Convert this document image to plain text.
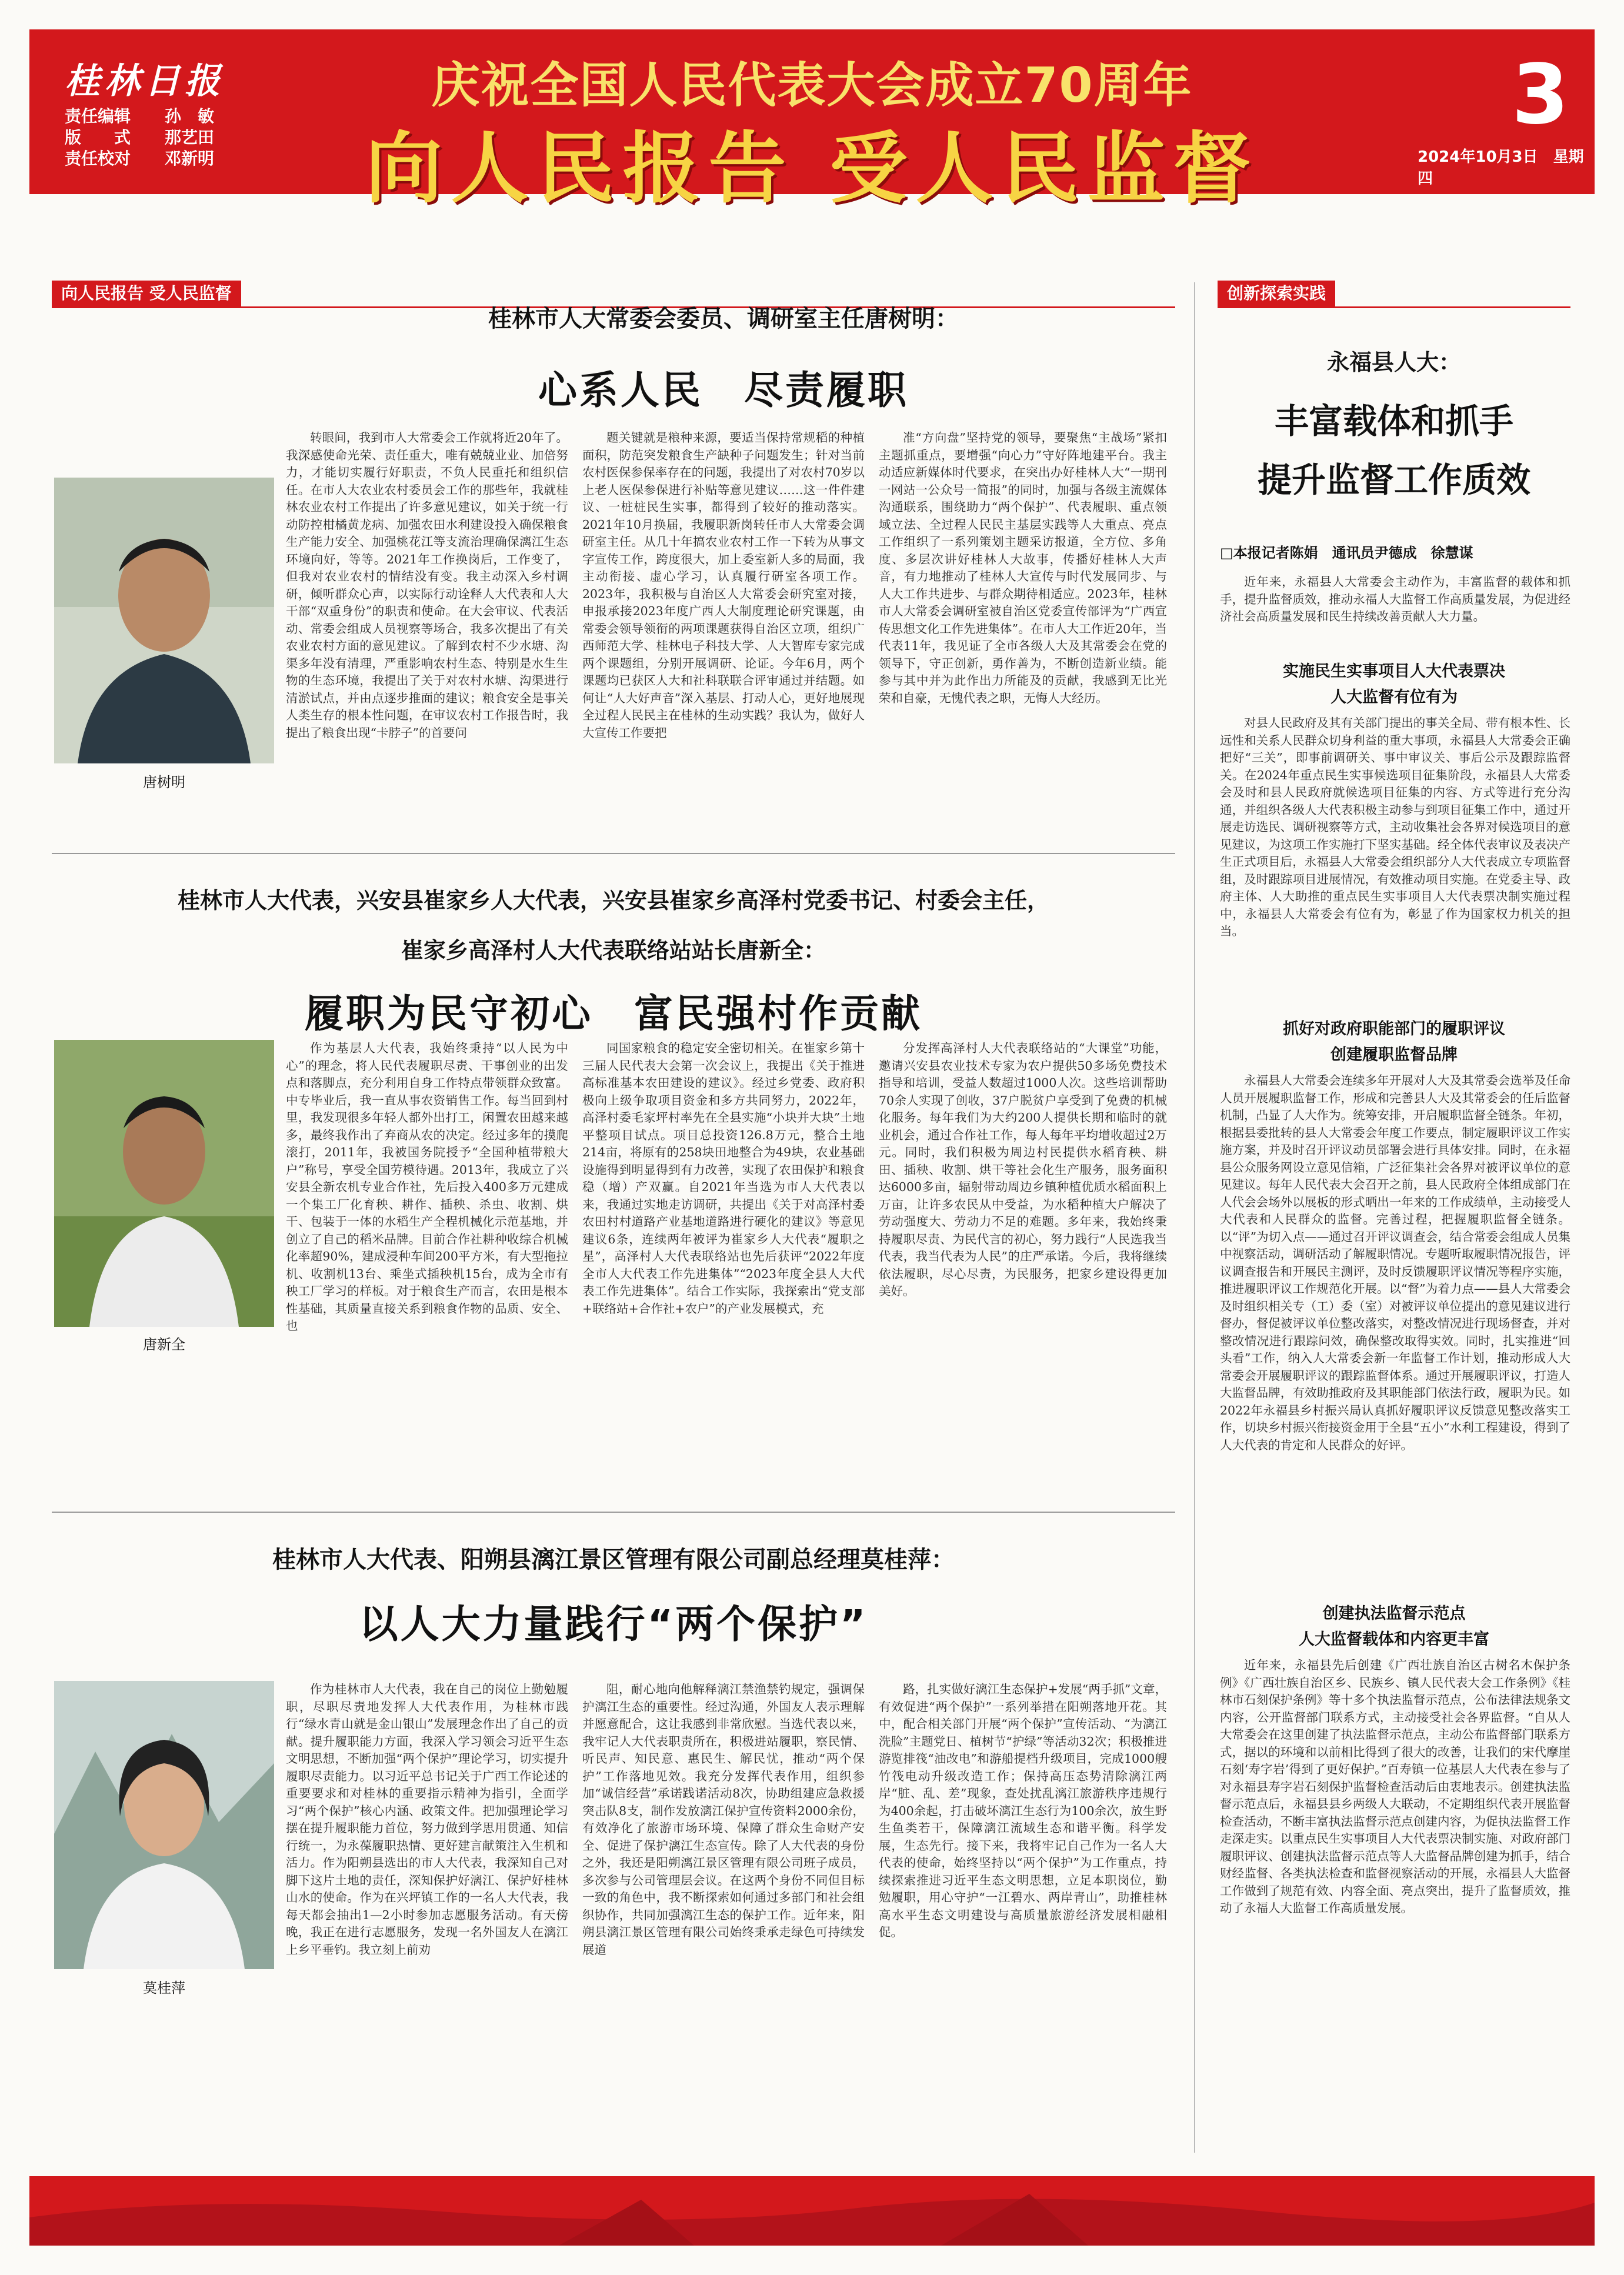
桂林日报
责任编辑 孙　敏
版　　式 那艺田
责任校对 邓新明
庆祝全国人民代表大会成立70周年
向人民报告 受人民监督
3
2024年10月3日　星期四
向人民报告 受人民监督	创新探索实践
桂林市人大常委会委员、调研室主任唐树明：
心系人民　尽责履职
唐树明

转眼间，我到市人大常委会工作就将近20年了。我深感使命光荣、责任重大，唯有兢兢业业、加倍努力，才能切实履行好职责，不负人民重托和组织信任。在市人大农业农村委员会工作的那些年，我就桂林农业农村工作提出了许多意见建议，如关于统一行动防控柑橘黄龙病、加强农田水利建设投入确保粮食生产能力安全、加强桃花江等支流治理确保漓江生态环境向好，等等。2021年工作换岗后，工作变了，但我对农业农村的情结没有变。我主动深入乡村调研，倾听群众心声，以实际行动诠释人大代表和人大干部“双重身份”的职责和使命。在大会审议、代表活动、常委会组成人员视察等场合，我多次提出了有关农业农村方面的意见建议。了解到农村不少水塘、沟渠多年没有清理，严重影响农村生态、特别是水生生物的生态环境，我提出了关于对农村水塘、沟渠进行清淤试点，并由点逐步推面的建议；粮食安全是事关人类生存的根本性问题，在审议农村工作报告时，我提出了粮食出现“卡脖子”的首要问

题关键就是粮种来源，要适当保持常规稻的种植面积，防范突发粮食生产缺种子问题发生；针对当前农村医保参保率存在的问题，我提出了对农村70岁以上老人医保参保进行补贴等意见建议……这一件件建议、一桩桩民生实事，都得到了较好的推动落实。2021年10月换届，我履职新岗转任市人大常委会调研室主任。从几十年搞农业农村工作一下转为从事文字宣传工作，跨度很大，加上委室新人多的局面，我主动衔接、虚心学习，认真履行研室各项工作。2023年，我积极与自治区人大常委会研究室对接，申报承接2023年度广西人大制度理论研究课题，由常委会领导领衔的两项课题获得自治区立项，组织广西师范大学、桂林电子科技大学、人大智库专家完成两个课题组，分别开展调研、论证。今年6月，两个课题均已获区人大和社科联联合评审通过并结题。如何让“人大好声音”深入基层、打动人心，更好地展现全过程人民民主在桂林的生动实践？我认为，做好人大宣传工作要把

准“方向盘”坚持党的领导，要聚焦“主战场”紧扣主题抓重点，要增强“向心力”守好阵地建平台。我主动适应新媒体时代要求，在突出办好桂林人大“一期刊一网站一公众号一简报”的同时，加强与各级主流媒体沟通联系，围绕助力“两个保护”、代表履职、重点领域立法、全过程人民民主基层实践等人大重点、亮点工作组织了一系列策划主题采访报道，全方位、多角度、多层次讲好桂林人大故事，传播好桂林人大声音，有力地推动了桂林人大宣传与时代发展同步、与人大工作共进步、与群众期待相适应。2023年，桂林市人大常委会调研室被自治区党委宣传部评为“广西宣传思想文化工作先进集体”。在市人大工作近20年，当代表11年，我见证了全市各级人大及其常委会在党的领导下，守正创新，勇作善为，不断创造新业绩。能参与其中并为此作出力所能及的贡献，我感到无比光荣和自豪，无愧代表之职，无悔人大经历。

桂林市人大代表，兴安县崔家乡人大代表，兴安县崔家乡高泽村党委书记、村委会主任，
崔家乡高泽村人大代表联络站站长唐新全：
履职为民守初心　富民强村作贡献
唐新全

作为基层人大代表，我始终秉持“以人民为中心”的理念，将人民代表履职尽责、干事创业的出发点和落脚点，充分利用自身工作特点带领群众致富。中专毕业后，我一直从事农资销售工作。每当回到村里，我发现很多年轻人都外出打工，闲置农田越来越多，最终我作出了弃商从农的决定。经过多年的摸爬滚打，2011年，我被国务院授予“全国种植带粮大户”称号，享受全国劳模待遇。2013年，我成立了兴安县全新农机专业合作社，先后投入400多万元建成一个集工厂化育秧、耕作、插秧、杀虫、收割、烘干、包装于一体的水稻生产全程机械化示范基地，并创立了自己的稻米品牌。目前合作社耕种收综合机械化率超90%，建成浸种车间200平方米，有大型拖拉机、收割机13台、乘坐式插秧机15台，成为全市有秧工厂学习的样板。对于粮食生产而言，农田是根本性基础，其质量直接关系到粮食作物的品质、安全、也

同国家粮食的稳定安全密切相关。在崔家乡第十三届人民代表大会第一次会议上，我提出《关于推进高标准基本农田建设的建议》。经过乡党委、政府积极向上级争取项目资金和多方共同努力，2022年，高泽村委毛家坪村率先在全县实施“小块并大块”土地平整项目试点。项目总投资126.8万元，整合土地214亩，将原有的258块田地整合为49块，农业基础设施得到明显得到有力改善，实现了农田保护和粮食稳（增）产双赢。自2021年当选为市人大代表以来，我通过实地走访调研，共提出《关于对高泽村委农田村村道路产业基地道路进行硬化的建议》等意见建议6条，连续两年被评为崔家乡人大代表“履职之星”，高泽村人大代表联络站也先后获评“2022年度全市人大代表工作先进集体”“2023年度全县人大代表工作先进集体”。结合工作实际，我探索出“党支部+联络站+合作社+农户”的产业发展模式，充

分发挥高泽村人大代表联络站的“大课堂”功能，邀请兴安县农业技术专家为农户提供50多场免费技术指导和培训，受益人数超过1000人次。这些培训帮助70余人实现了创收，37户脱贫户享受到了免费的机械化服务。每年我们为大约200人提供长期和临时的就业机会，通过合作社工作，每人每年平均增收超过2万元。同时，我们积极为周边村民提供水稻育秧、耕田、插秧、收割、烘干等社会化生产服务，服务面积达6000多亩，辐射带动周边乡镇种植优质水稻面积上万亩，让许多农民从中受益，为水稻种植大户解决了劳动强度大、劳动力不足的难题。多年来，我始终秉持履职尽责、为民代言的初心，努力践行“人民选我当代表，我当代表为人民”的庄严承诺。今后，我将继续依法履职，尽心尽责，为民服务，把家乡建设得更加美好。

桂林市人大代表、阳朔县漓江景区管理有限公司副总经理莫桂萍：
以人大力量践行“两个保护”
莫桂萍

作为桂林市人大代表，我在自己的岗位上勤勉履职，尽职尽责地发挥人大代表作用，为桂林市践行“绿水青山就是金山银山”发展理念作出了自己的贡献。提升履职能力方面，我深入学习领会习近平生态文明思想，不断加强“两个保护”理论学习，切实提升履职尽责能力。以习近平总书记关于广西工作论述的重要要求和对桂林的重要指示精神为指引，全面学习“两个保护”核心内涵、政策文件。把加强理论学习摆在提升履职能力首位，努力做到学思用贯通、知信行统一，为永葆履职热情、更好建言献策注入生机和活力。作为阳朔县选出的市人大代表，我深知自己对脚下这片土地的责任，深知保护好漓江、保护好桂林山水的使命。作为在兴坪镇工作的一名人大代表，我每天都会抽出1—2小时参加志愿服务活动。有天傍晚，我正在进行志愿服务，发现一名外国友人在漓江上乡平垂钓。我立刻上前劝

阻，耐心地向他解释漓江禁渔禁钓规定，强调保护漓江生态的重要性。经过沟通，外国友人表示理解并愿意配合，这让我感到非常欣慰。当选代表以来，我牢记人大代表职责所在，积极进站履职，察民情、听民声、知民意、惠民生、解民忧，推动“两个保护”工作落地见效。我充分发挥代表作用，组织参加“诚信经营”承诺践诺活动8次，协助组建应急救援突击队8支，制作发放漓江保护宣传资料2000余份，有效净化了旅游市场环境、保障了群众生命财产安全、促进了保护漓江生态宣传。除了人大代表的身份之外，我还是阳朔漓江景区管理有限公司班子成员，多次参与公司管理层会议。在这两个身份不同但目标一致的角色中，我不断探索如何通过多部门和社会组织协作，共同加强漓江生态的保护工作。近年来，阳朔县漓江景区管理有限公司始终秉承走绿色可持续发展道

路，扎实做好漓江生态保护+发展“两手抓”文章，有效促进“两个保护”一系列举措在阳朔落地开花。其中，配合相关部门开展“两个保护”宣传活动、“为漓江洗脸”主题党日、植树节“护绿”等活动32次；积极推进游览排筏“油改电”和游船提档升级项目，完成1000艘竹筏电动升级改造工作；保持高压态势清除漓江两岸“脏、乱、差”现象，查处扰乱漓江旅游秩序违规行为400余起，打击破坏漓江生态行为100余次，放生野生鱼类若干，保障漓江流域生态和谐平衡。科学发展，生态先行。接下来，我将牢记自己作为一名人大代表的使命，始终坚持以“两个保护”为工作重点，持续探索推进习近平生态文明思想，立足本职岗位，勤勉履职，用心守护“一江碧水、两岸青山”，助推桂林高水平生态文明建设与高质量旅游经济发展相融相促。

永福县人大：
丰富载体和抓手
提升监督工作质效
□本报记者陈娟　通讯员尹德成　徐慧谋

近年来，永福县人大常委会主动作为，丰富监督的载体和抓手，提升监督质效，推动永福人大监督工作高质量发展，为促进经济社会高质量发展和民生持续改善贡献人大力量。

实施民生实事项目人大代表票决
人大监督有位有为

对县人民政府及其有关部门提出的事关全局、带有根本性、长远性和关系人民群众切身利益的重大事项，永福县人大常委会正确把好“三关”，即事前调研关、事中审议关、事后公示及跟踪监督关。在2024年重点民生实事候选项目征集阶段，永福县人大常委会及时和县人民政府就候选项目征集的内容、方式等进行充分沟通，并组织各级人大代表积极主动参与到项目征集工作中，通过开展走访选民、调研视察等方式，主动收集社会各界对候选项目的意见建议，为这项工作实施打下坚实基础。经全体代表审议及表决产生正式项目后，永福县人大常委会组织部分人大代表成立专项监督组，及时跟踪项目进展情况，有效推动项目实施。在党委主导、政府主体、人大助推的重点民生实事项目人大代表票决制实施过程中，永福县人大常委会有位有为，彰显了作为国家权力机关的担当。

抓好对政府职能部门的履职评议
创建履职监督品牌

永福县人大常委会连续多年开展对人大及其常委会选举及任命人员开展履职监督工作，形成和完善县人大及其常委会的任后监督机制，凸显了人大作为。统筹安排，开启履职监督全链条。年初，根据县委批转的县人大常委会年度工作要点，制定履职评议工作实施方案，并及时召开评议动员部署会进行具体安排。同时，在永福县公众服务网设立意见信箱，广泛征集社会各界对被评议单位的意见建议。每年人民代表大会召开之前，县人民政府全体组成部门在人代会会场外以展板的形式晒出一年来的工作成绩单，主动接受人大代表和人民群众的监督。完善过程，把握履职监督全链条。以“评”为切入点——通过召开评议调查会，结合常委会组成人员集中视察活动，调研活动了解履职情况。专题听取履职情况报告，评议调查报告和开展民主测评，及时反馈履职评议情况等程序实施，推进履职评议工作规范化开展。以“督”为着力点——县人大常委会及时组织相关专（工）委（室）对被评议单位提出的意见建议进行督办，督促被评议单位整改落实，对整改情况进行现场督查，并对整改情况进行跟踪问效，确保整改取得实效。同时，扎实推进“回头看”工作，纳入人大常委会新一年监督工作计划，推动形成人大常委会开展履职评议的跟踪监督体系。通过开展履职评议，打造人大监督品牌，有效助推政府及其职能部门依法行政，履职为民。如2022年永福县乡村振兴局认真抓好履职评议反馈意见整改落实工作，切块乡村振兴衔接资金用于全县“五小”水利工程建设，得到了人大代表的肯定和人民群众的好评。

创建执法监督示范点
人大监督载体和内容更丰富

近年来，永福县先后创建《广西壮族自治区古树名木保护条例》《广西壮族自治区乡、民族乡、镇人民代表大会工作条例》《桂林市石刻保护条例》等十多个执法监督示范点，公布法律法规条文内容，公开监督部门联系方式，主动接受社会各界监督。“自从人大常委会在这里创建了执法监督示范点，主动公布监督部门联系方式，据以的环境和以前相比得到了很大的改善，让我们的宋代摩崖石刻‘寿字岩’得到了更好保护。”百寿镇一位基层人大代表在参与了对永福县寿字岩石刻保护监督检查活动后由衷地表示。创建执法监督示范点后，永福县县乡两级人大联动，不定期组织代表开展监督检查活动，不断丰富执法监督示范点创建内容，为促执法监督工作走深走实。以重点民生实事项目人大代表票决制实施、对政府部门履职评议、创建执法监督示范点等人大监督品牌创建为抓手，结合财经监督、各类执法检查和监督视察活动的开展，永福县人大监督工作做到了规范有效、内容全面、亮点突出，提升了监督质效，推动了永福人大监督工作高质量发展。
